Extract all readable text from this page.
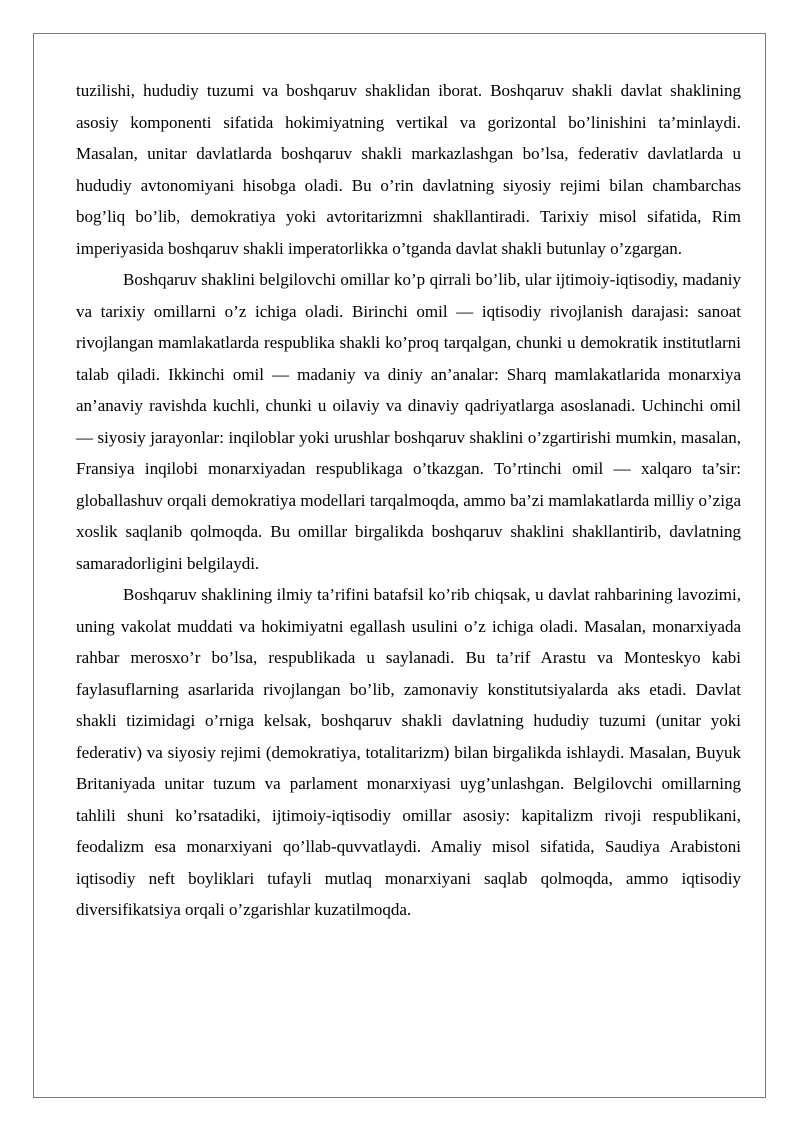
tuzilishi, hududiy tuzumi va boshqaruv shaklidan iborat. Boshqaruv shakli davlat shaklining asosiy komponenti sifatida hokimiyatning vertikal va gorizontal bo’linishini ta’minlaydi. Masalan, unitar davlatlarda boshqaruv shakli markazlashgan bo’lsa, federativ davlatlarda u hududiy avtonomiyani hisobga oladi. Bu o’rin davlatning siyosiy rejimi bilan chambarchas bog’liq bo’lib, demokratiya yoki avtoritarizmni shakllantiradi. Tarixiy misol sifatida, Rim imperiyasida boshqaruv shakli imperatorlikka o’tganda davlat shakli butunlay o’zgargan.

Boshqaruv shaklini belgilovchi omillar ko’p qirrali bo’lib, ular ijtimoiy-iqtisodiy, madaniy va tarixiy omillarni o’z ichiga oladi. Birinchi omil — iqtisodiy rivojlanish darajasi: sanoat rivojlangan mamlakatlarda respublika shakli ko’proq tarqalgan, chunki u demokratik institutlarni talab qiladi. Ikkinchi omil — madaniy va diniy an’analar: Sharq mamlakatlarida monarxiya an’anaviy ravishda kuchli, chunki u oilaviy va dinaviy qadriyatlarga asoslanadi. Uchinchi omil — siyosiy jarayonlar: inqiloblar yoki urushlar boshqaruv shaklini o’zgartirishi mumkin, masalan, Fransiya inqilobi monarxiyadan respublikaga o’tkazgan. To’rtinchi omil — xalqaro ta’sir: globallashuv orqali demokratiya modellari tarqalmoqda, ammo ba’zi mamlakatlarda milliy o’ziga xoslik saqlanib qolmoqda. Bu omillar birgalikda boshqaruv shaklini shakllantirib, davlatning samaradorligini belgilaydi.

Boshqaruv shaklining ilmiy ta’rifini batafsil ko’rib chiqsak, u davlat rahbarining lavozimi, uning vakolat muddati va hokimiyatni egallash usulini o’z ichiga oladi. Masalan, monarxiyada rahbar merosxo’r bo’lsa, respublikada u saylanadi. Bu ta’rif Arastu va Monteskyo kabi faylasuflarning asarlarida rivojlangan bo’lib, zamonaviy konstitutsiyalarda aks etadi. Davlat shakli tizimidagi o’rniga kelsak, boshqaruv shakli davlatning hududiy tuzumi (unitar yoki federativ) va siyosiy rejimi (demokratiya, totalitarizm) bilan birgalikda ishlaydi. Masalan, Buyuk Britaniyada unitar tuzum va parlament monarxiyasi uyg’unlashgan. Belgilovchi omillarning tahlili shuni ko’rsatadiki, ijtimoiy-iqtisodiy omillar asosiy: kapitalizm rivoji respublikani, feodalizm esa monarxiyani qo’llab-quvvatlaydi. Amaliy misol sifatida, Saudiya Arabistoni iqtisodiy neft boyliklari tufayli mutlaq monarxiyani saqlab qolmoqda, ammo iqtisodiy diversifikatsiya orqali o’zgarishlar kuzatilmoqda.
